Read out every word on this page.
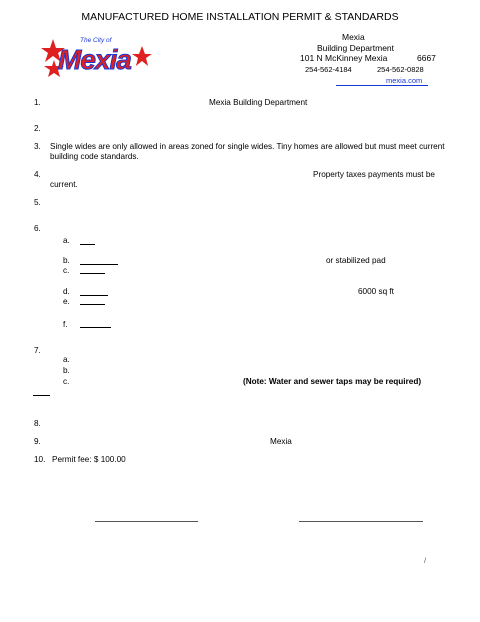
MANUFACTURED HOME INSTALLATION PERMIT & STANDARDS
The City of
Mexia
Mexia
Building Department
101 N McKinney Mexia	6667
254-562-4184	254-562-0828
mexia.com
1.	Mexia Building Department
2.
3. Single wides are only allowed in areas zoned for single wides. Tiny homes are allowed but must meet current
building code standards.
4.	Property taxes payments must be
current.
5.
6.
a.
b.	or stabilized pad
c.
d.	6000 sq ft
e.
f.
7.
a.
b.
c.	(Note: Water and sewer taps may be required)
8.
9.	Mexia
10. Permit fee: $ 100.00
/
